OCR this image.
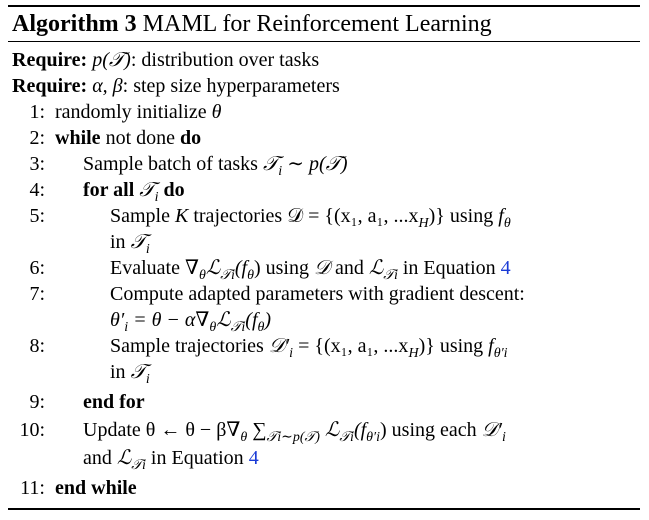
Algorithm 3 MAML for Reinforcement Learning
Require: p(𝒯): distribution over tasks
Require: α, β: step size hyperparameters
1: randomly initialize θ
2: while not done do
3: Sample batch of tasks 𝒯$_i$ ∼ p(𝒯)
4: for all 𝒯$_i$ do
5:	Sample K trajectories 𝒟 = {(x₁, a₁, $...x_H$)} using $f_\theta$
in 𝒯$_i$
6:	Evaluate $\nabla_\theta ℒ_{𝒯i}(f_\theta)$ using 𝒟 and ℒ$_{𝒯i}$ in Equation 4
7:	Compute adapted parameters with gradient descent:
$\theta'_i = \theta$ − $\alpha\nabla_\theta ℒ_{𝒯i}(f_\theta)$
8:	Sample trajectories $𝒟'_i = \{(x_1$, a₁, $...x_H$)} using $f_{\theta'i}$
in 𝒯$_i$
9: end for
10: Update θ ← $\theta - \beta\nabla_\theta$ $\sum_{𝒯i\sim p(𝒯)}$ $ℒ_{𝒯i}(f_{\theta'i})$ using each $𝒟'_i$
and ℒ$_{𝒯i}$ in Equation 4
11: end while
